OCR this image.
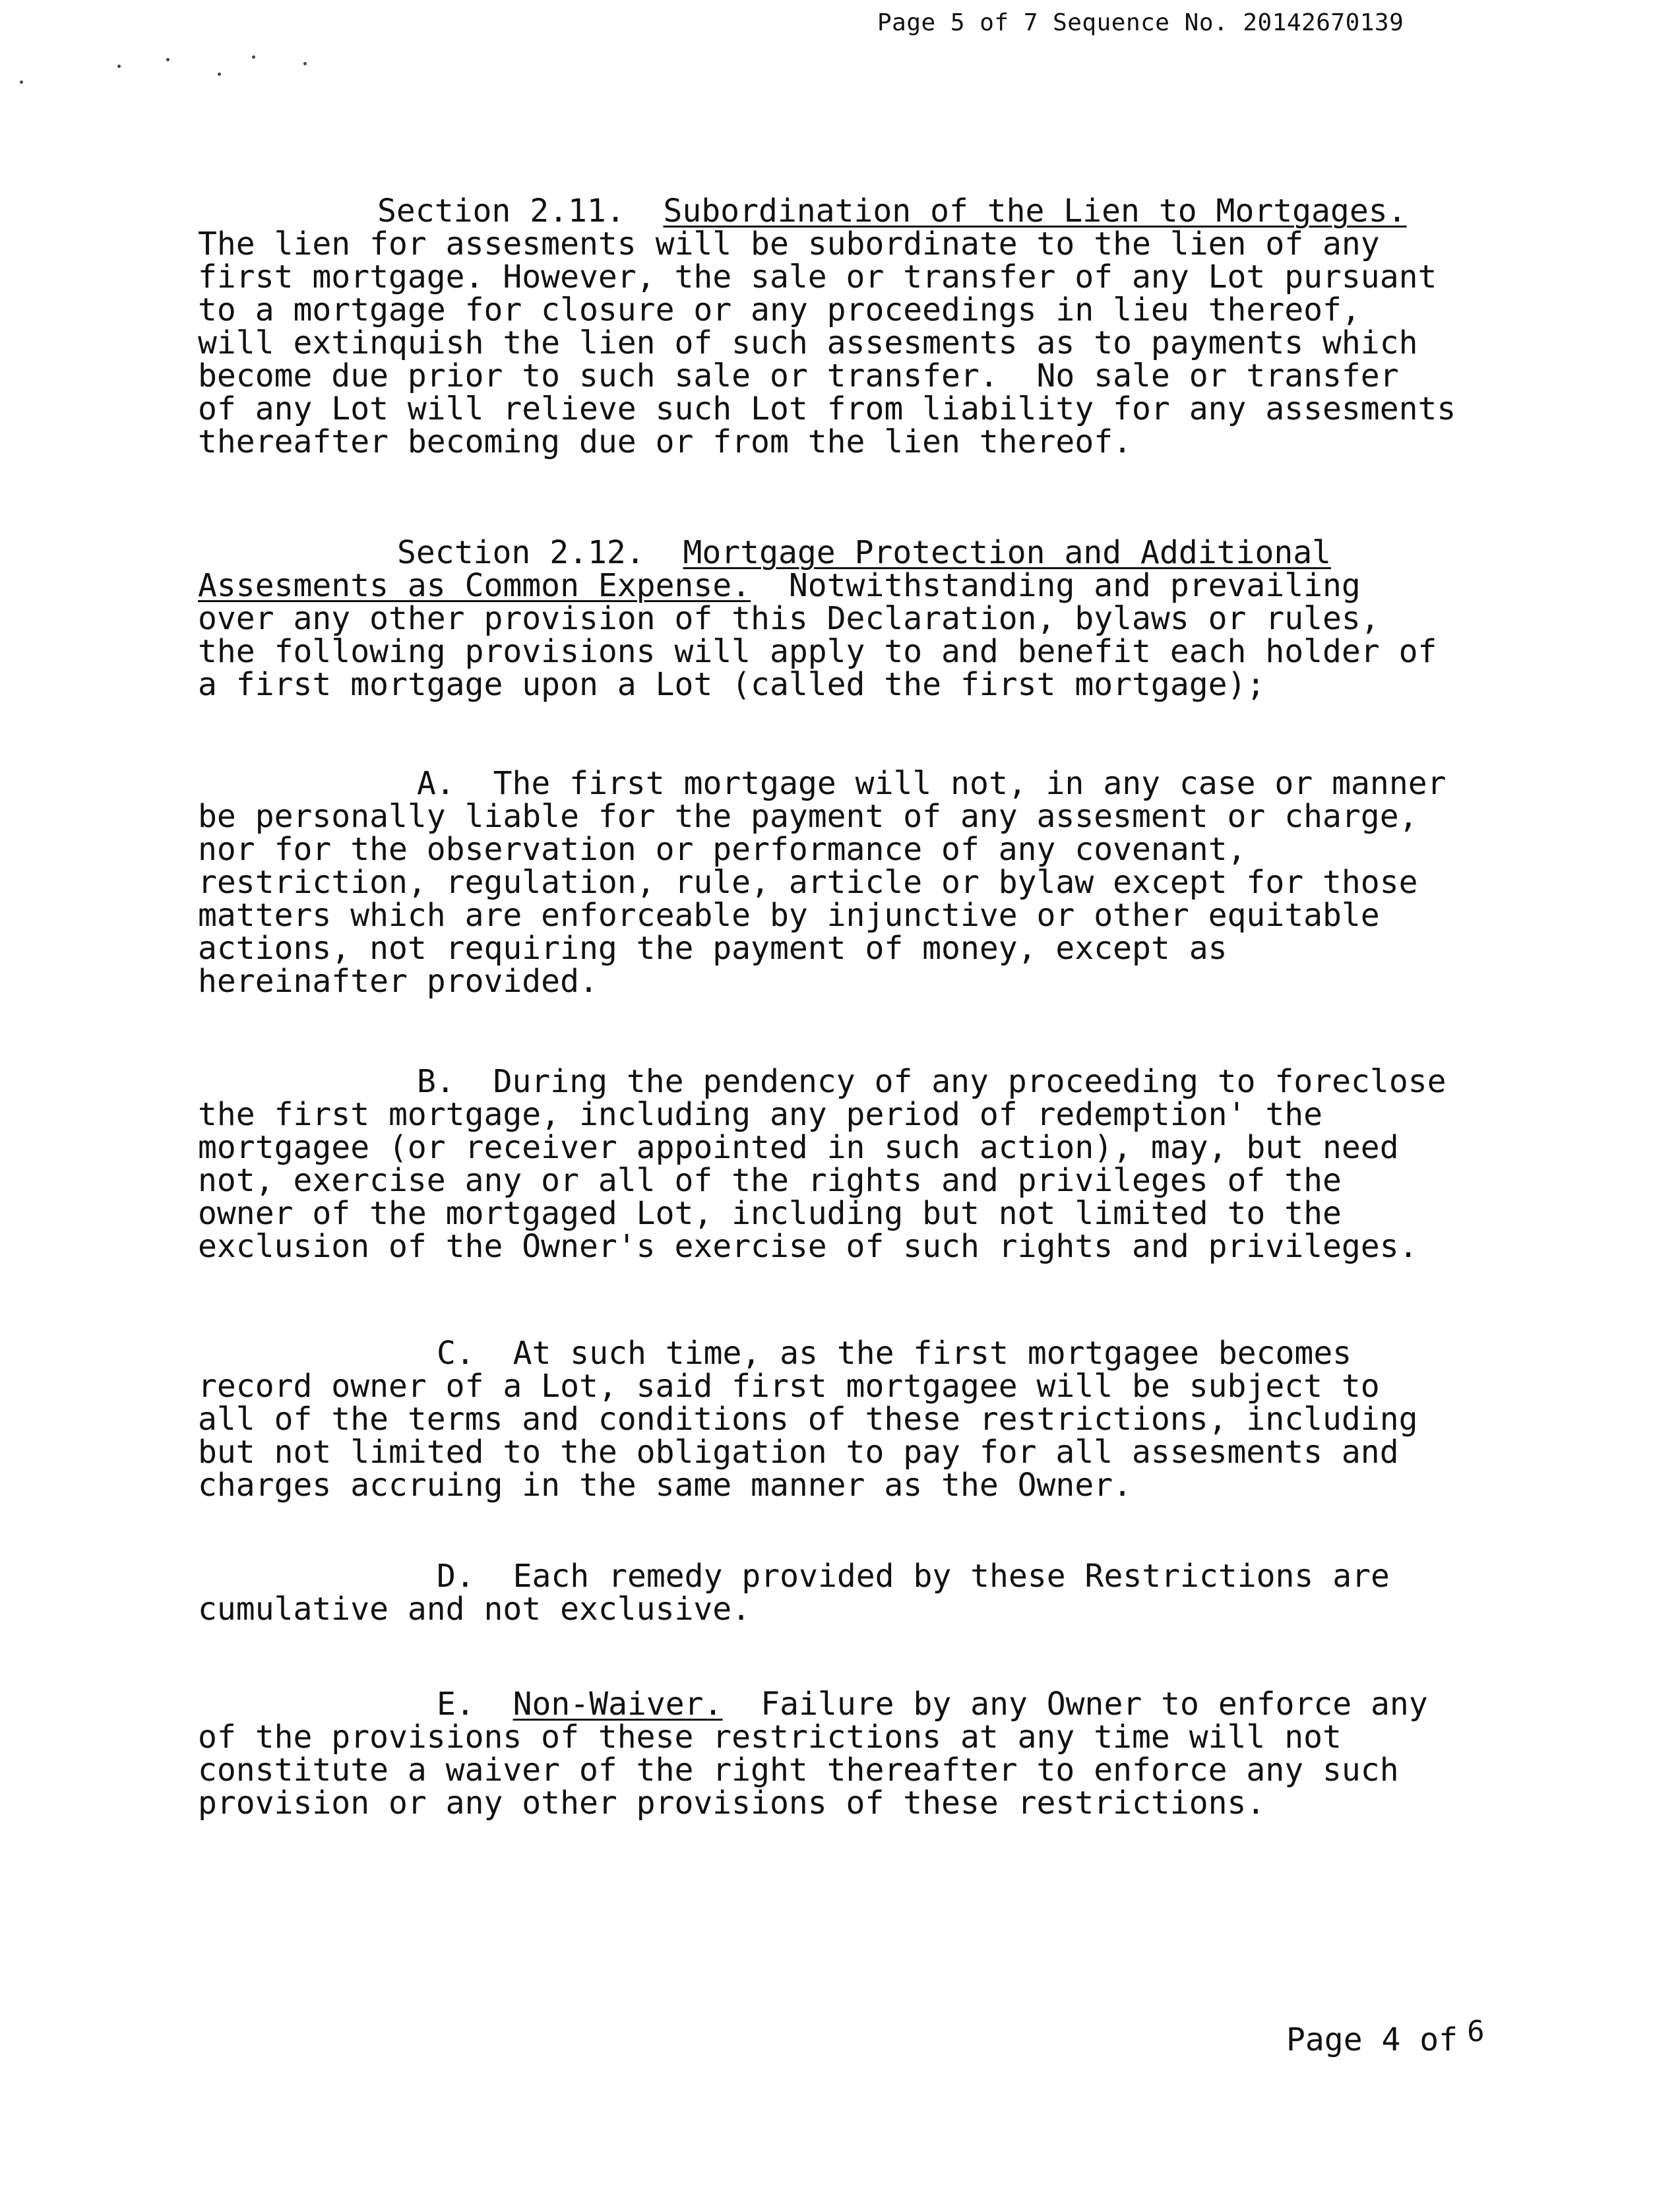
Page 5 of 7 Sequence No. 20142670139
Section 2.11.  Subordination of the Lien to Mortgages.
The lien for assesments will be subordinate to the lien of any
first mortgage. However, the sale or transfer of any Lot pursuant
to a mortgage for closure or any proceedings in lieu thereof,
will extinquish the lien of such assesments as to payments which
become due prior to such sale or transfer.  No sale or transfer
of any Lot will relieve such Lot from liability for any assesments
thereafter becoming due or from the lien thereof.
Section 2.12.  Mortgage Protection and Additional
Assesments as Common Expense.  Notwithstanding and prevailing
over any other provision of this Declaration, bylaws or rules,
the following provisions will apply to and benefit each holder of
a first mortgage upon a Lot (called the first mortgage);
A.  The first mortgage will not, in any case or manner
be personally liable for the payment of any assesment or charge,
nor for the observation or performance of any covenant,
restriction, regulation, rule, article or bylaw except for those
matters which are enforceable by injunctive or other equitable
actions, not requiring the payment of money, except as
hereinafter provided.
B.  During the pendency of any proceeding to foreclose
the first mortgage, including any period of redemption' the
mortgagee (or receiver appointed in such action), may, but need
not, exercise any or all of the rights and privileges of the
owner of the mortgaged Lot, including but not limited to the
exclusion of the Owner's exercise of such rights and privileges.
C.  At such time, as the first mortgagee becomes
record owner of a Lot, said first mortgagee will be subject to
all of the terms and conditions of these restrictions, including
but not limited to the obligation to pay for all assesments and
charges accruing in the same manner as the Owner.
D.  Each remedy provided by these Restrictions are
cumulative and not exclusive.
E.  Non-Waiver.  Failure by any Owner to enforce any
of the provisions of these restrictions at any time will not
constitute a waiver of the right thereafter to enforce any such
provision or any other provisions of these restrictions.
Page 4 of $^6$
